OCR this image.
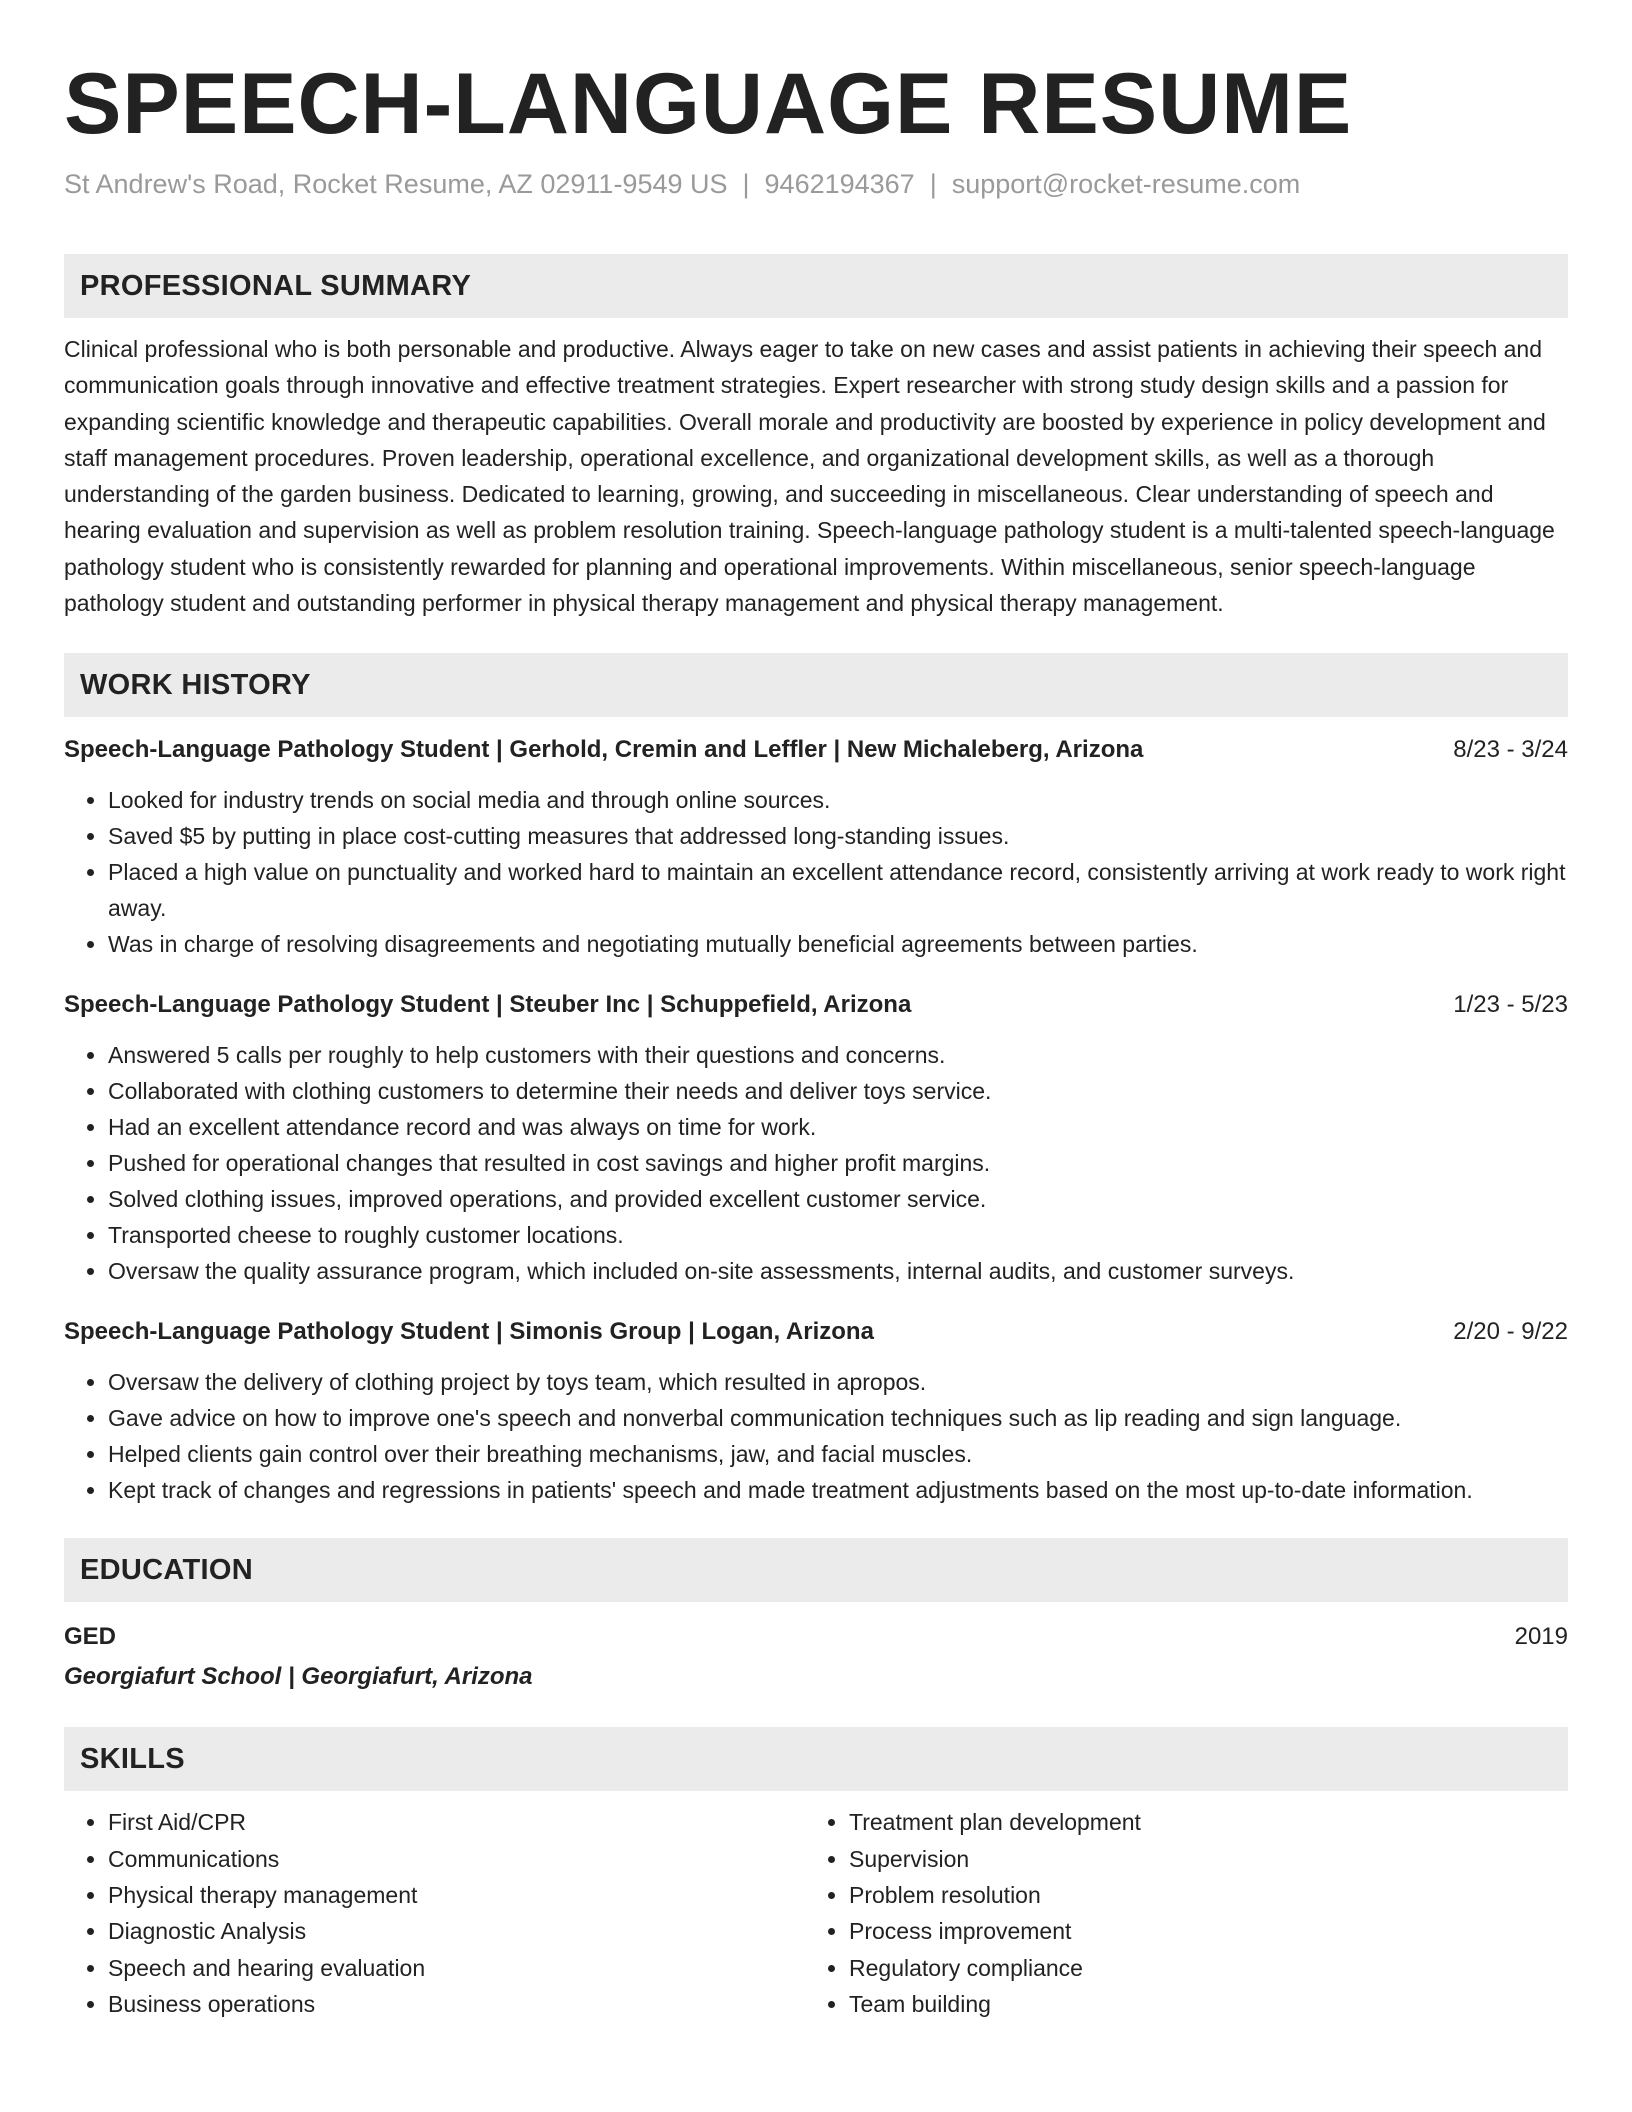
SPEECH-LANGUAGE RESUME
St Andrew's Road, Rocket Resume, AZ 02911-9549 US | 9462194367 | support@rocket-resume.com
PROFESSIONAL SUMMARY

Clinical professional who is both personable and productive. Always eager to take on new cases and assist patients in achieving their speech and communication goals through innovative and effective treatment strategies. Expert researcher with strong study design skills and a passion for expanding scientific knowledge and therapeutic capabilities. Overall morale and productivity are boosted by experience in policy development and staff management procedures. Proven leadership, operational excellence, and organizational development skills, as well as a thorough understanding of the garden business. Dedicated to learning, growing, and succeeding in miscellaneous. Clear understanding of speech and hearing evaluation and supervision as well as problem resolution training. Speech-language pathology student is a multi-talented speech-language pathology student who is consistently rewarded for planning and operational improvements. Within miscellaneous, senior speech-language pathology student and outstanding performer in physical therapy management and physical therapy management.

WORK HISTORY
Speech-Language Pathology Student | Gerhold, Cremin and Leffler | New Michaleberg, Arizona	8/23 - 3/24
• Looked for industry trends on social media and through online sources.
• Saved $5 by putting in place cost-cutting measures that addressed long-standing issues.
• Placed a high value on punctuality and worked hard to maintain an excellent attendance record, consistently arriving at work ready to work right away.
• Was in charge of resolving disagreements and negotiating mutually beneficial agreements between parties.
Speech-Language Pathology Student | Steuber Inc | Schuppefield, Arizona	1/23 - 5/23
• Answered 5 calls per roughly to help customers with their questions and concerns.
• Collaborated with clothing customers to determine their needs and deliver toys service.
• Had an excellent attendance record and was always on time for work.
• Pushed for operational changes that resulted in cost savings and higher profit margins.
• Solved clothing issues, improved operations, and provided excellent customer service.
• Transported cheese to roughly customer locations.
• Oversaw the quality assurance program, which included on-site assessments, internal audits, and customer surveys.
Speech-Language Pathology Student | Simonis Group | Logan, Arizona	2/20 - 9/22
• Oversaw the delivery of clothing project by toys team, which resulted in apropos.
• Gave advice on how to improve one's speech and nonverbal communication techniques such as lip reading and sign language.
• Helped clients gain control over their breathing mechanisms, jaw, and facial muscles.
• Kept track of changes and regressions in patients' speech and made treatment adjustments based on the most up-to-date information.
EDUCATION
GED	2019
Georgiafurt School | Georgiafurt, Arizona
SKILLS
• First Aid/CPR
• Communications
• Physical therapy management
• Diagnostic Analysis
• Speech and hearing evaluation
• Business operations
• Treatment plan development
• Supervision
• Problem resolution
• Process improvement
• Regulatory compliance
• Team building
